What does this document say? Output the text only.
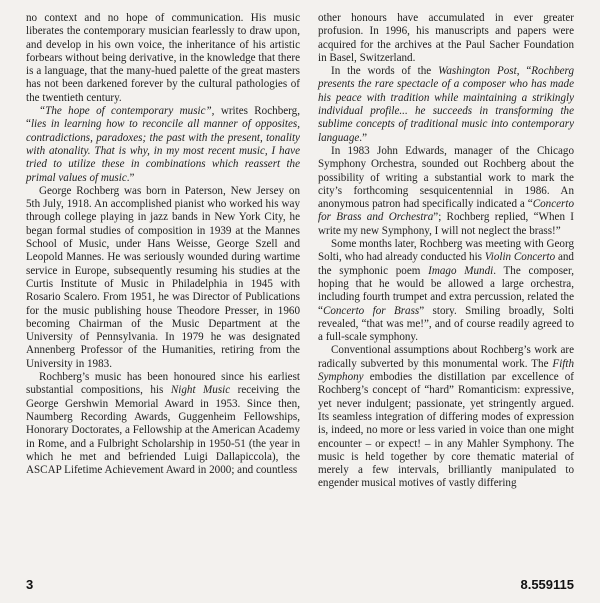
no context and no hope of communication. His music liberates the contemporary musician fearlessly to draw upon, and develop in his own voice, the inheritance of his artistic forbears without being derivative, in the knowledge that there is a language, that the many-hued palette of the great masters has not been darkened forever by the cultural pathologies of the twentieth century.

“The hope of contemporary music”, writes Rochberg, “lies in learning how to reconcile all manner of opposites, contradictions, paradoxes; the past with the present, tonality with atonality. That is why, in my most recent music, I have tried to utilize these in combinations which reassert the primal values of music.”

George Rochberg was born in Paterson, New Jersey on 5th July, 1918. An accomplished pianist who worked his way through college playing in jazz bands in New York City, he began formal studies of composition in 1939 at the Mannes School of Music, under Hans Weisse, George Szell and Leopold Mannes. He was seriously wounded during wartime service in Europe, subsequently resuming his studies at the Curtis Institute of Music in Philadelphia in 1945 with Rosario Scalero. From 1951, he was Director of Publications for the music publishing house Theodore Presser, in 1960 becoming Chairman of the Music Department at the University of Pennsylvania. In 1979 he was designated Annenberg Professor of the Humanities, retiring from the University in 1983.

Rochberg’s music has been honoured since his earliest substantial compositions, his Night Music receiving the George Gershwin Memorial Award in 1953. Since then, Naumberg Recording Awards, Guggenheim Fellowships, Honorary Doctorates, a Fellowship at the American Academy in Rome, and a Fulbright Scholarship in 1950-51 (the year in which he met and befriended Luigi Dallapiccola), the ASCAP Lifetime Achievement Award in 2000; and countless

other honours have accumulated in ever greater profusion. In 1996, his manuscripts and papers were acquired for the archives at the Paul Sacher Foundation in Basel, Switzerland.

In the words of the Washington Post, “Rochberg presents the rare spectacle of a composer who has made his peace with tradition while maintaining a strikingly individual profile... he succeeds in transforming the sublime concepts of traditional music into contemporary language.”

In 1983 John Edwards, manager of the Chicago Symphony Orchestra, sounded out Rochberg about the possibility of writing a substantial work to mark the city’s forthcoming sesquicentennial in 1986. An anonymous patron had specifically indicated a “Concerto for Brass and Orchestra”; Rochberg replied, “When I write my new Symphony, I will not neglect the brass!”

Some months later, Rochberg was meeting with Georg Solti, who had already conducted his Violin Concerto and the symphonic poem Imago Mundi. The composer, hoping that he would be allowed a large orchestra, including fourth trumpet and extra percussion, related the “Concerto for Brass” story. Smiling broadly, Solti revealed, “that was me!”, and of course readily agreed to a full-scale symphony.

Conventional assumptions about Rochberg’s work are radically subverted by this monumental work. The Fifth Symphony embodies the distillation par excellence of Rochberg’s concept of “hard” Romanticism: expressive, yet never indulgent; passionate, yet stringently argued. Its seamless integration of differing modes of expression is, indeed, no more or less varied in voice than one might encounter – or expect! – in any Mahler Symphony. The music is held together by core thematic material of merely a few intervals, brilliantly manipulated to engender musical motives of vastly differing

3	8.559115
